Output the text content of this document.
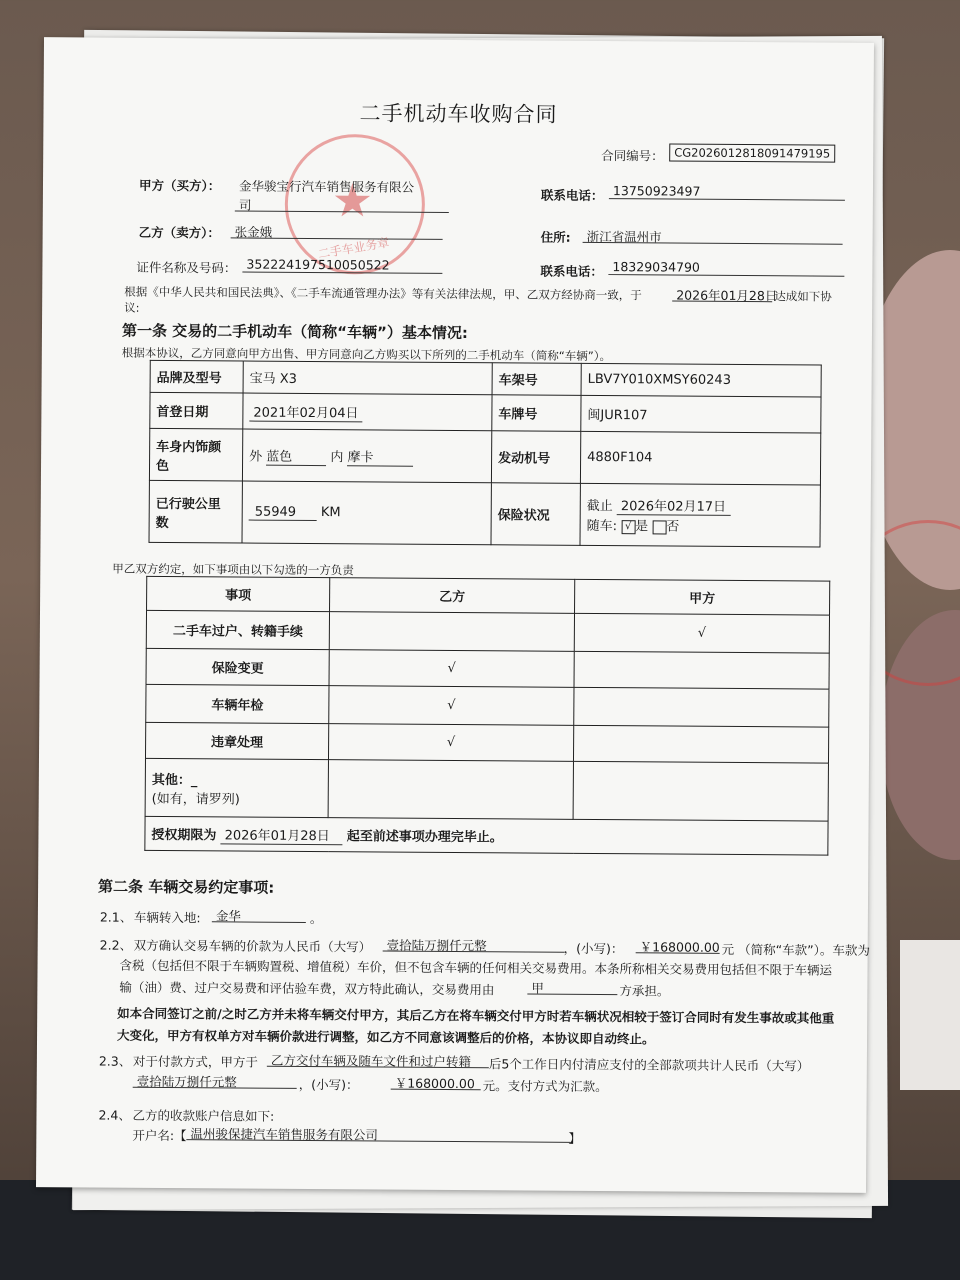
★
二手车业务章
二手机动车收购合同
合同编号： CG2026012818091479195
甲方（买方）： 金华骏宝行汽车销售服务有限公
司
联系电话： 13750923497
乙方（卖方）：	张金娥	住所:	浙江省温州市
证件名称及号码： 352224197510050522	联系电话： 18329034790
根据《中华人民共和国民法典》、《二手车流通管理办法》等有关法律法规，甲、乙双方经协商一致，于	2026年01月28日
达成如下协
议:
第一条 交易的二手机动车（简称“车辆”）基本情况:
根据本协议，乙方同意向甲方出售、甲方同意向乙方购买以下所列的二手机动车（简称“车辆”）。
品牌及型号	宝马 X3	车架号	LBV7Y010XMSY60243
首登日期	2021年02月04日	车牌号	闽JUR107
车身内饰颜
色	外 蓝色 内 摩卡	发动机号	4880F104
已行驶公里
数	55949 KM	保险状况	截止 2026年02月17日
随车: √ 是 否
甲乙双方约定，如下事项由以下勾选的一方负责
事项	乙方	甲方
二手车过户、转籍手续		√
保险变更	√	
车辆年检	√	
违章处理	√	
其他：_
(如有，请罗列)		
授权期限为 2026年01月28日 起至前述事项办理完毕止。		
第二条 车辆交易约定事项:
2.1、 车辆转入地:	金华	。
2.2、 双方确认交易车辆的价款为人民币（大写）	壹拾陆万捌仟元整	，(小写)：	￥168000.00 元 （简称“车款”）。车款为
含税（包括但不限于车辆购置税、增值税）车价，但不包含车辆的任何相关交易费用。本条所称相关交易费用包括但不限于车辆运
输（油）费、过户交易费和评估验车费，双方特此确认，交易费用由	甲	方承担。
如本合同签订之前/之时乙方并未将车辆交付甲方，其后乙方在将车辆交付甲方时若车辆状况相较于签订合同时有发生事故或其他重
大变化，甲方有权单方对车辆价款进行调整，如乙方不同意该调整后的价格，本协议即自动终止。
2.3、 对于付款方式，甲方于	乙方交付车辆及随车文件和过户转籍	后5个工作日内付清应支付的全部款项共计人民币（大写）
壹拾陆万捌仟元整	，(小写)：	￥168000.00 元。支付方式为汇款。
2.4、 乙方的收款账户信息如下:
开户名:【 温州骏保捷汽车销售服务有限公司	】
